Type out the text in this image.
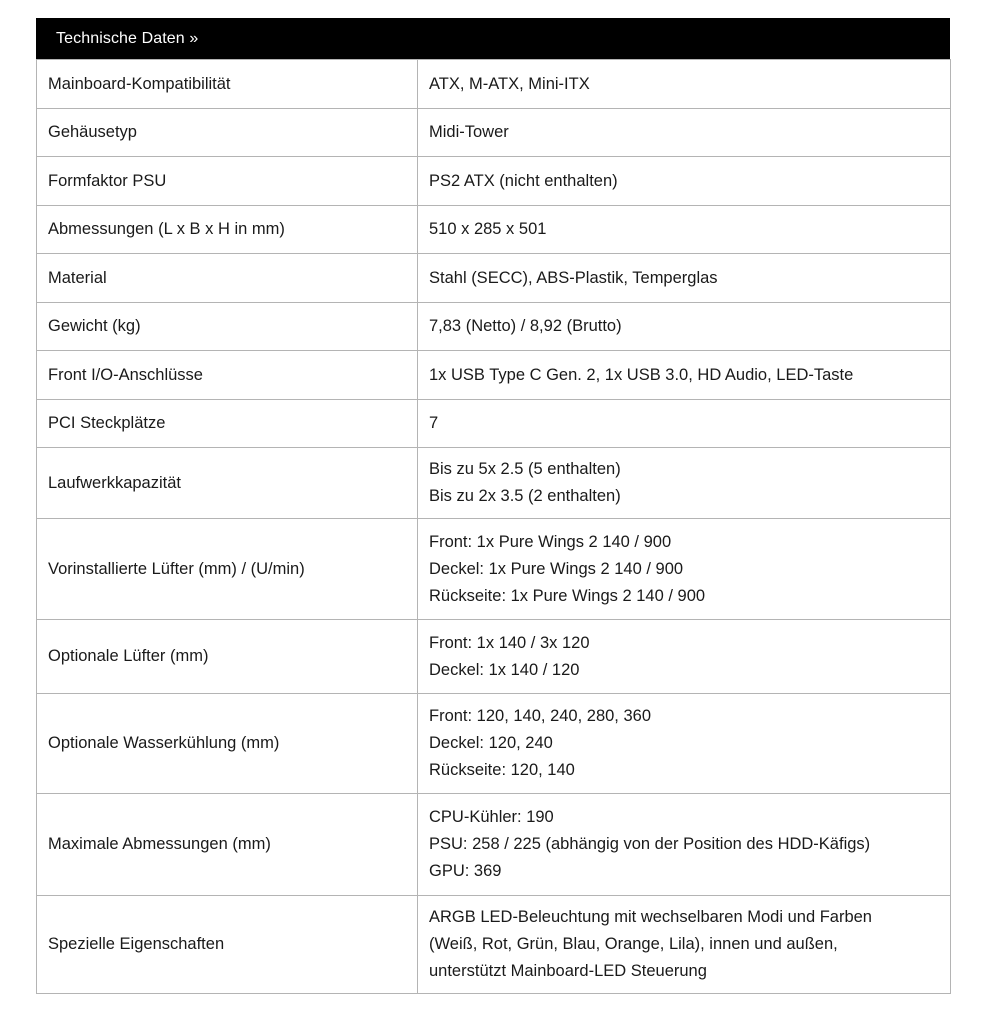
Technische Daten »
Mainboard-Kompatibilität	ATX, M-ATX, Mini-ITX

Gehäusetyp	Midi-Tower

Formfaktor PSU	PS2 ATX (nicht enthalten)

Abmessungen (L x B x H in mm)	510 x 285 x 501

Material	Stahl (SECC), ABS-Plastik, Temperglas

Gewicht (kg)	7,83 (Netto) / 8,92 (Brutto)

Front I/O-Anschlüsse	1x USB Type C Gen. 2, 1x USB 3.0, HD Audio, LED-Taste

PCI Steckplätze	7

Laufwerkkapazität	Bis zu 5x 2.5 (5 enthalten)
Bis zu 2x 3.5 (2 enthalten)

Vorinstallierte Lüfter (mm) / (U/min)	Front: 1x Pure Wings 2 140 / 900
Deckel: 1x Pure Wings 2 140 / 900
Rückseite: 1x Pure Wings 2 140 / 900

Optionale Lüfter (mm)	Front: 1x 140 / 3x 120
Deckel: 1x 140 / 120

Optionale Wasserkühlung (mm)	Front: 120, 140, 240, 280, 360
Deckel: 120, 240
Rückseite: 120, 140

Maximale Abmessungen (mm)	CPU-Kühler: 190
PSU: 258 / 225 (abhängig von der Position des HDD-Käfigs)
GPU: 369

Spezielle Eigenschaften	ARGB LED-Beleuchtung mit wechselbaren Modi und Farben
(Weiß, Rot, Grün, Blau, Orange, Lila), innen und außen,
unterstützt Mainboard-LED Steuerung
